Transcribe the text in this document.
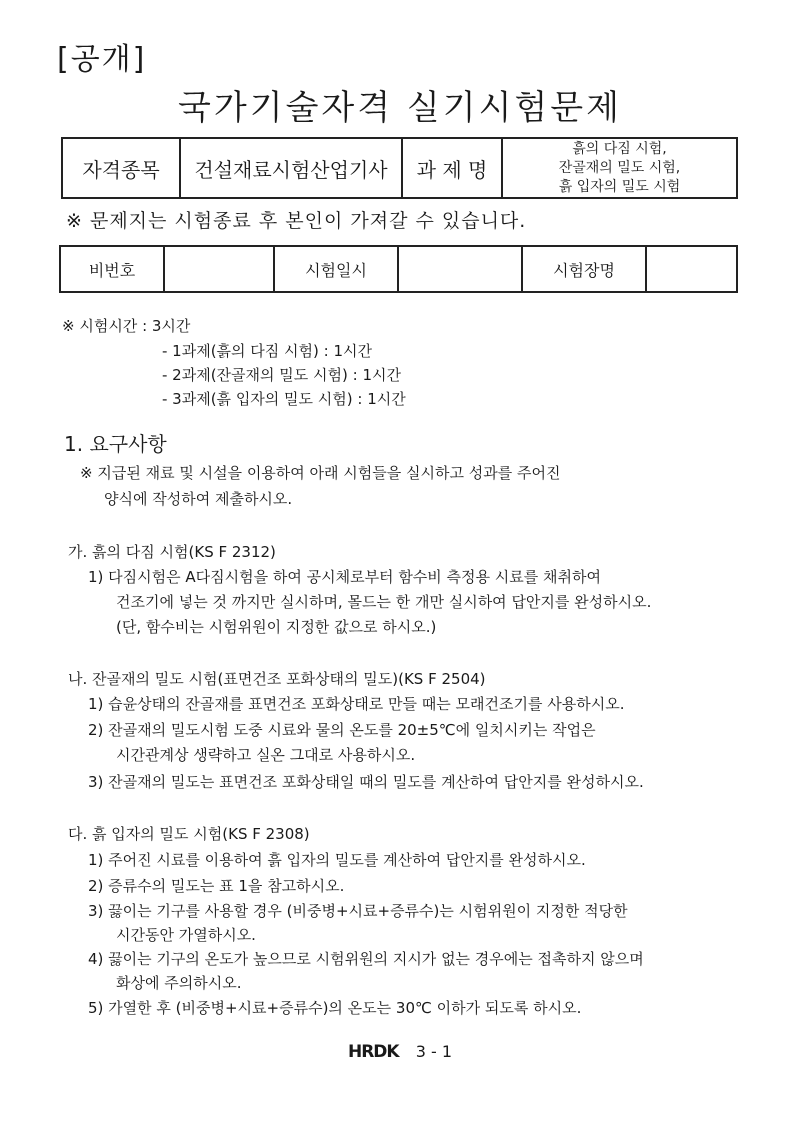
[공개]
국가기술자격 실기시험문제
자격종목	건설재료시험산업기사	과 제 명	
흙의 다짐 시험,
잔골재의 밀도 시험,
흙 입자의 밀도 시험
※ 문제지는 시험종료 후 본인이 가져갈 수 있습니다.
비번호		시험일시		시험장명	
※ 시험시간 : 3시간
- 1과제(흙의 다짐 시험) : 1시간
- 2과제(잔골재의 밀도 시험) : 1시간
- 3과제(흙 입자의 밀도 시험) : 1시간
1. 요구사항
※ 지급된 재료 및 시설을 이용하여 아래 시험들을 실시하고 성과를 주어진
양식에 작성하여 제출하시오.
가. 흙의 다짐 시험(KS F 2312)
1) 다짐시험은 A다짐시험을 하여 공시체로부터 함수비 측정용 시료를 채취하여
건조기에 넣는 것 까지만 실시하며, 몰드는 한 개만 실시하여 답안지를 완성하시오.
(단, 함수비는 시험위원이 지정한 값으로 하시오.)
나. 잔골재의 밀도 시험(표면건조 포화상태의 밀도)(KS F 2504)
1) 습윤상태의 잔골재를 표면건조 포화상태로 만들 때는 모래건조기를 사용하시오.
2) 잔골재의 밀도시험 도중 시료와 물의 온도를 20±5℃에 일치시키는 작업은
시간관계상 생략하고 실온 그대로 사용하시오.
3) 잔골재의 밀도는 표면건조 포화상태일 때의 밀도를 계산하여 답안지를 완성하시오.
다. 흙 입자의 밀도 시험(KS F 2308)
1) 주어진 시료를 이용하여 흙 입자의 밀도를 계산하여 답안지를 완성하시오.
2) 증류수의 밀도는 표 1을 참고하시오.
3) 끓이는 기구를 사용할 경우 (비중병+시료+증류수)는 시험위원이 지정한 적당한
시간동안 가열하시오.
4) 끓이는 기구의 온도가 높으므로 시험위원의 지시가 없는 경우에는 접촉하지 않으며
화상에 주의하시오.
5) 가열한 후 (비중병+시료+증류수)의 온도는 30℃ 이하가 되도록 하시오.
HRDK 3 - 1
